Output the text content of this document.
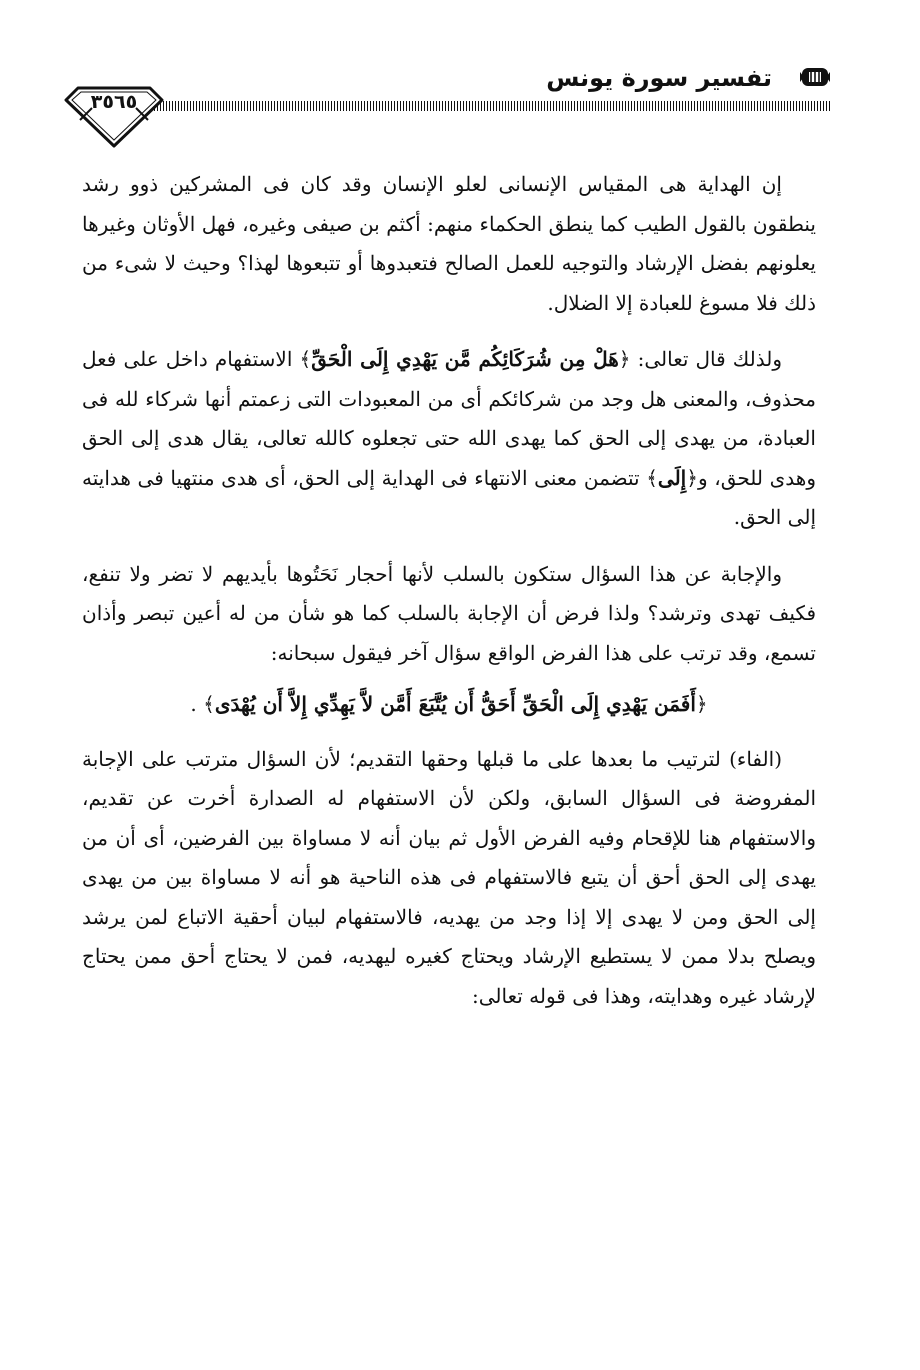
تفسير سورة يونس
٣٥٦٥

إن الهداية هى المقياس الإنسانى لعلو الإنسان وقد كان فى المشركين ذوو رشد ينطقون بالقول الطيب كما ينطق الحكماء منهم: أكثم بن صيفى وغيره، فهل الأوثان وغيرها يعلونهم بفضل الإرشاد والتوجيه للعمل الصالح فتعبدوها أو تتبعوها لهذا؟ وحيث لا شىء من ذلك فلا مسوغ للعبادة إلا الضلال.

ولذلك قال تعالى: ﴿هَلْ مِن شُرَكَائِكُم مَّن يَهْدِي إِلَى الْحَقِّ﴾ الاستفهام داخل على فعل محذوف، والمعنى هل وجد من شركائكم أى من المعبودات التى زعمتم أنها شركاء لله فى العبادة، من يهدى إلى الحق كما يهدى الله حتى تجعلوه كالله تعالى، يقال هدى إلى الحق وهدى للحق، و﴿إِلَى﴾ تتضمن معنى الانتهاء فى الهداية إلى الحق، أى هدى منتهيا فى هدايته إلى الحق.

والإجابة عن هذا السؤال ستكون بالسلب لأنها أحجار نَحَتُوها بأيديهم لا تضر ولا تنفع، فكيف تهدى وترشد؟ ولذا فرض أن الإجابة بالسلب كما هو شأن من له أعين تبصر وأذان تسمع، وقد ترتب على هذا الفرض الواقع سؤال آخر فيقول سبحانه:

﴿أَفَمَن يَهْدِي إِلَى الْحَقِّ أَحَقُّ أَن يُتَّبَعَ أَمَّن لاَّ يَهِدِّي إِلاَّ أَن يُهْدَى﴾ .

(الفاء) لترتيب ما بعدها على ما قبلها وحقها التقديم؛ لأن السؤال مترتب على الإجابة المفروضة فى السؤال السابق، ولكن لأن الاستفهام له الصدارة أخرت عن تقديم، والاستفهام هنا للإقحام وفيه الفرض الأول ثم بيان أنه لا مساواة بين الفرضين، أى أن من يهدى إلى الحق أحق أن يتبع فالاستفهام فى هذه الناحية هو أنه لا مساواة بين من يهدى إلى الحق ومن لا يهدى إلا إذا وجد من يهديه، فالاستفهام لبيان أحقية الاتباع لمن يرشد ويصلح بدلا ممن لا يستطيع الإرشاد ويحتاج كغيره ليهديه، فمن لا يحتاج أحق ممن يحتاج لإرشاد غيره وهدايته، وهذا فى قوله تعالى:
